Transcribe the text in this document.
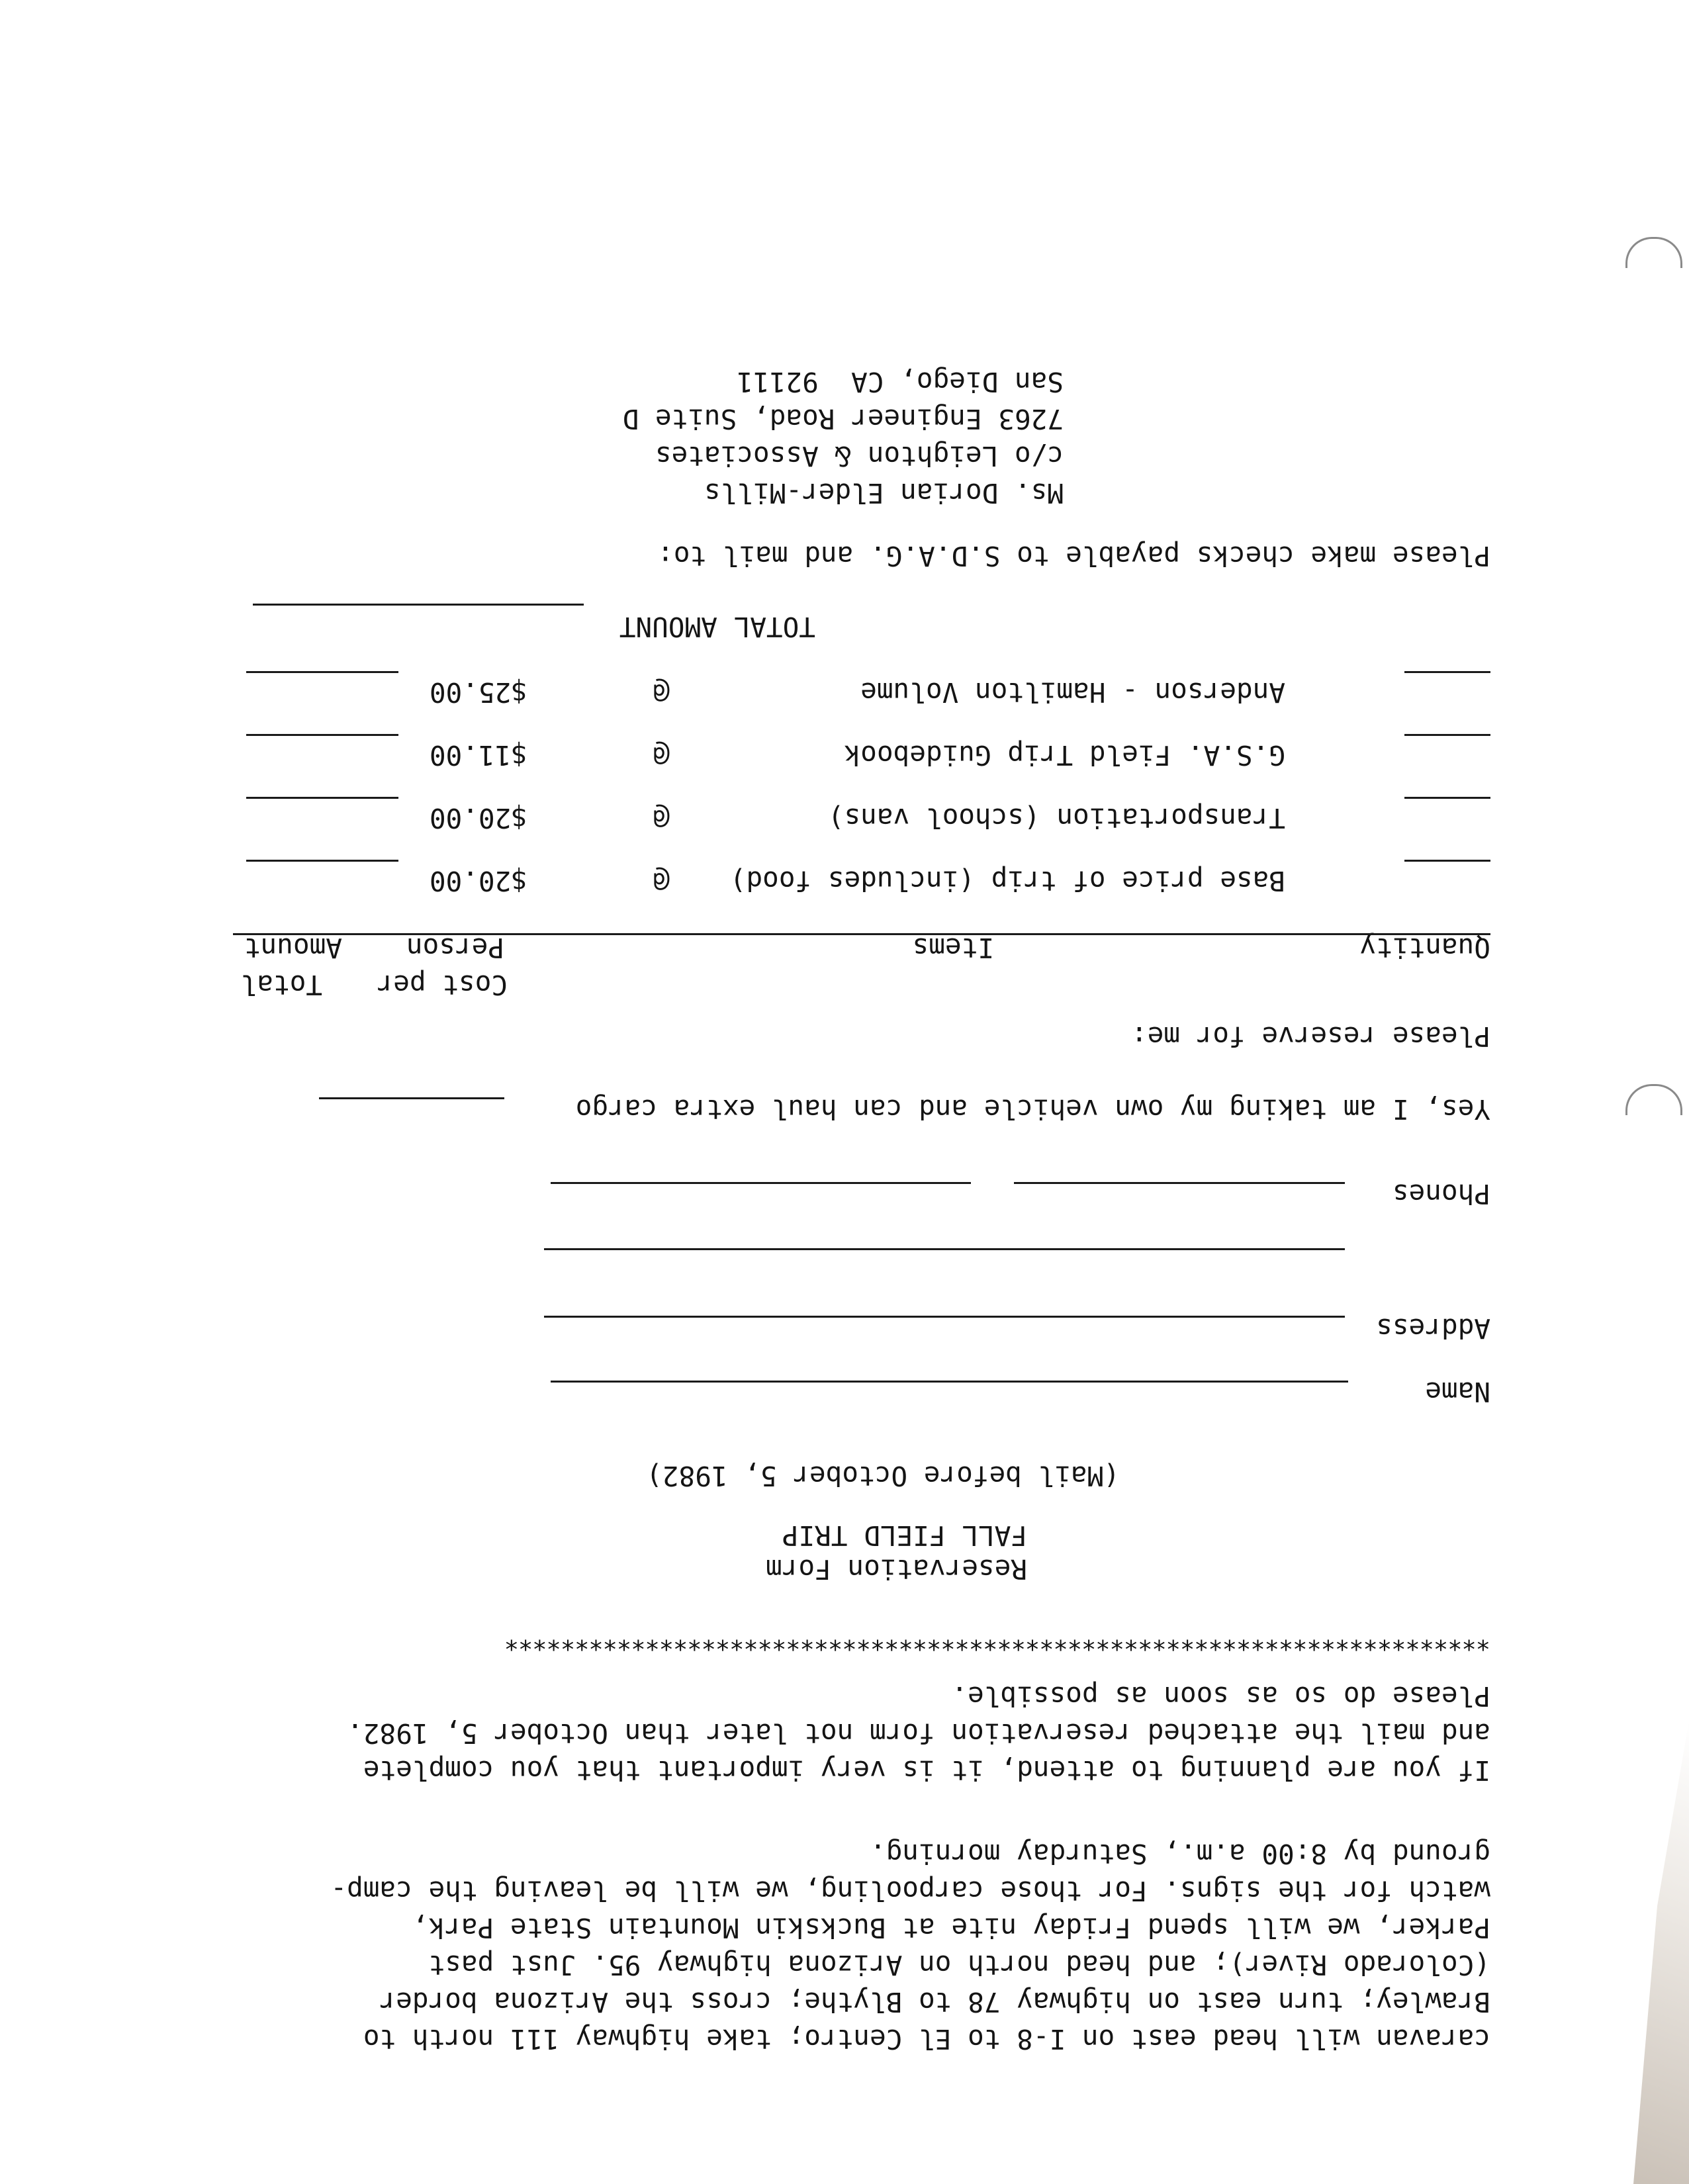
caravan will head east on I-8 to El Centro; take highway 111 north to
Brawley; turn east on highway 78 to Blythe; cross the Arizona border
(Colorado River); and head north on Arizona highway 95. Just past
Parker, we will spend Friday nite at Buckskin Mountain State Park,
watch for the signs. For those carpooling, we will be leaving the camp-
ground by 8:00 a.m., Saturday morning.
If you are planning to attend, it is very important that you complete
and mail the attached reservation form not later than October 5, 1982.
Please do so as soon as possible.
**********************************************************************
Reservation Form
FALL FIELD TRIP
(Mail before October 5, 1982)
Name
Address
Phones
Yes, I am taking my own vehicle and can haul extra cargo
Please reserve for me:
Cost per
Total
Quantity
Items
Person
Amount
Base price of trip (includes food)
@
$20.00
Transportation (school vans)
@
$20.00
G.S.A. Field Trip Guidebook
@
$11.00
Anderson - Hamilton Volume
@
$25.00
TOTAL AMOUNT
Please make checks payable to S.D.A.G. and mail to:
Ms. Dorian Elder-Mills
c/o Leighton & Associates
7263 Engineer Road, Suite D
San Diego, CA  92111
